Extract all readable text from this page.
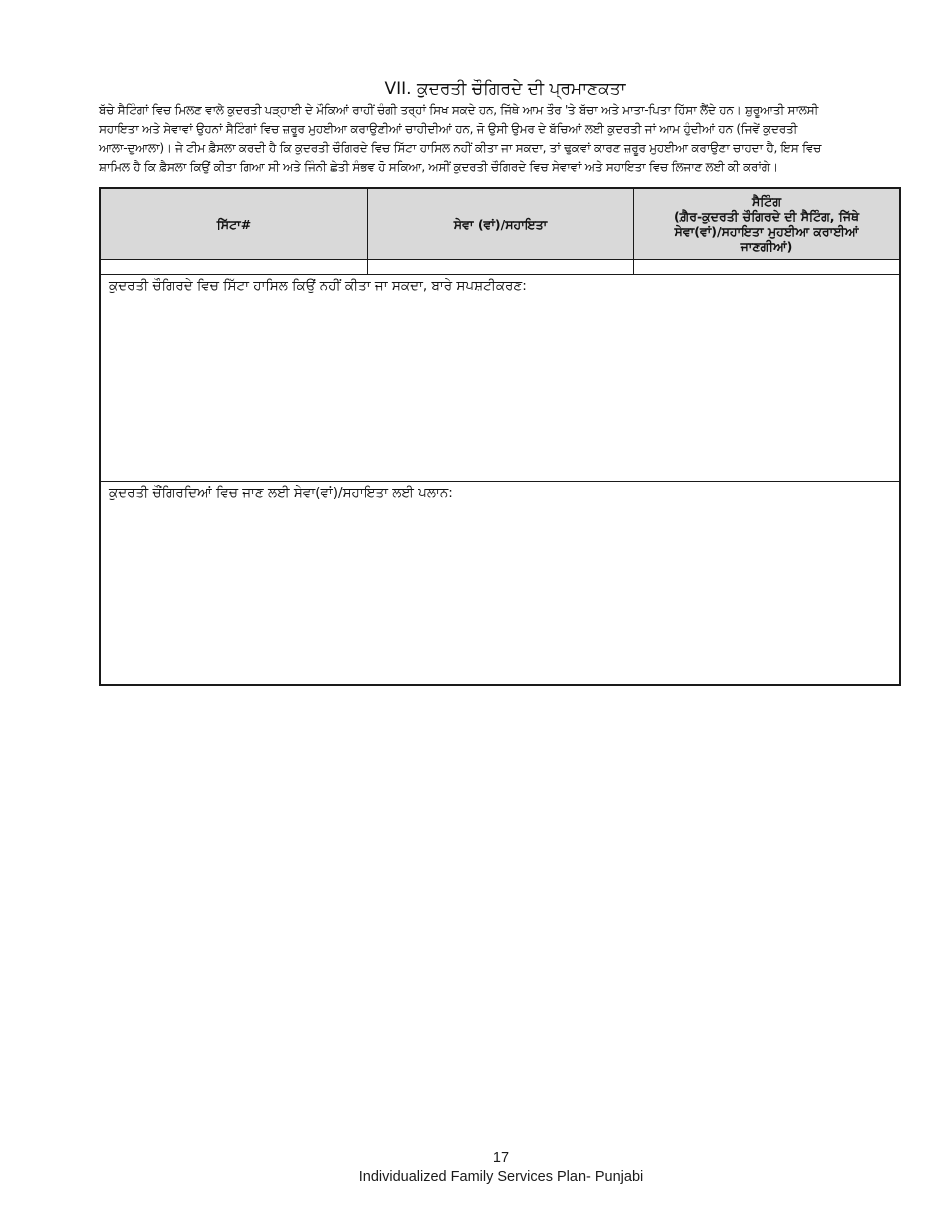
VII. ਕੁਦਰਤੀ ਚੌਗਿਰਦੇ ਦੀ ਪ੍ਰਮਾਣਕਤਾ
ਬੱਚੇ ਸੈਟਿੰਗਾਂ ਵਿਚ ਮਿਲਣ ਵਾਲੇ ਕੁਦਰਤੀ ਪੜ੍ਹਾਈ ਦੇ ਮੌਕਿਆਂ ਰਾਹੀਂ ਚੰਗੀ ਤਰ੍ਹਾਂ ਸਿਖ ਸਕਦੇ ਹਨ, ਜਿੱਥੇ ਆਮ ਤੌਰ 'ਤੇ ਬੱਚਾ ਅਤੇ ਮਾਤਾ-ਪਿਤਾ ਹਿੱਸਾ ਲੈਂਦੇ ਹਨ। ਸ਼ੁਰੂਆਤੀ ਸਾਲਸੀ
ਸਹਾਇਤਾ ਅਤੇ ਸੇਵਾਵਾਂ ਉਹਨਾਂ ਸੈਟਿੰਗਾਂ ਵਿਚ ਜ਼ਰੂਰ ਮੁਹਈਆ ਕਰਾਉਣੀਆਂ ਚਾਹੀਦੀਆਂ ਹਨ, ਜੋ ਉਸੀ ਉਮਰ ਦੇ ਬੱਚਿਆਂ ਲਈ ਕੁਦਰਤੀ ਜਾਂ ਆਮ ਹੁੰਦੀਆਂ ਹਨ (ਜਿਵੇਂ ਕੁਦਰਤੀ
ਆਲਾ-ਦੁਆਲਾ)। ਜੇ ਟੀਮ ਫ਼ੈਸਲਾ ਕਰਦੀ ਹੈ ਕਿ ਕੁਦਰਤੀ ਚੌਗਿਰਦੇ ਵਿਚ ਸਿੱਟਾ ਹਾਸਿਲ ਨਹੀਂ ਕੀਤਾ ਜਾ ਸਕਦਾ, ਤਾਂ ਢੁਕਵਾਂ ਕਾਰਣ ਜ਼ਰੂਰ ਮੁਹਈਆ ਕਰਾਉਣਾ ਚਾਹਦਾ ਹੈ, ਇਸ ਵਿਚ
ਸ਼ਾਮਿਲ ਹੈ ਕਿ ਫ਼ੈਸਲਾ ਕਿਉਂ ਕੀਤਾ ਗਿਆ ਸੀ ਅਤੇ ਜਿੰਨੀ ਛੇਤੀ ਸੰਭਵ ਹੋ ਸਕਿਆ, ਅਸੀਂ ਕੁਦਰਤੀ ਚੌਗਿਰਦੇ ਵਿਚ ਸੇਵਾਵਾਂ ਅਤੇ ਸਹਾਇਤਾ ਵਿਚ ਲਿਜਾਣ ਲਈ ਕੀ ਕਰਾਂਗੇ।
ਸਿੱਟਾ#	ਸੇਵਾ (ਵਾਂ)/ਸਹਾਇਤਾ
ਸੈਟਿੰਗ
(ਗ਼ੈਰ-ਕੁਦਰਤੀ ਚੌਗਿਰਦੇ ਦੀ ਸੈਟਿੰਗ, ਜਿੱਥੇ
ਸੇਵਾ(ਵਾਂ)/ਸਹਾਇਤਾ ਮੁਹਈਆ ਕਰਾਈਆਂ
ਜਾਣਗੀਆਂ)
ਕੁਦਰਤੀ ਚੌਗਿਰਦੇ ਵਿਚ ਸਿੱਟਾ ਹਾਸਿਲ ਕਿਉਂ ਨਹੀਂ ਕੀਤਾ ਜਾ ਸਕਦਾ, ਬਾਰੇ ਸਪਸ਼ਟੀਕਰਣ:
ਕੁਦਰਤੀ ਚੌਂਗਿਰਦਿਆਂ ਵਿਚ ਜਾਣ ਲਈ ਸੇਵਾ(ਵਾਂ)/ਸਹਾਇਤਾ ਲਈ ਪਲਾਨ:
17
Individualized Family Services Plan- Punjabi
